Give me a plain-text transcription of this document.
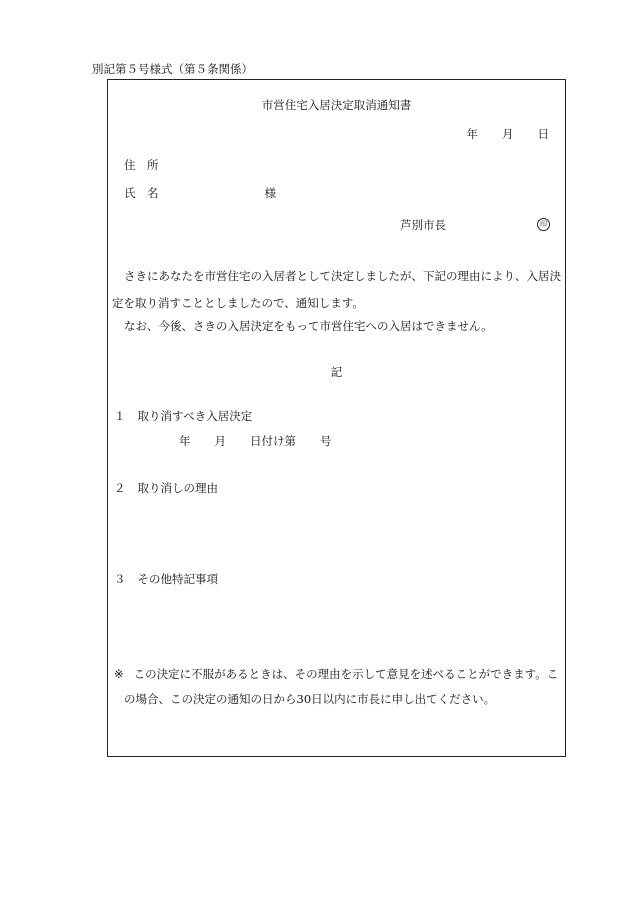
別記第５号様式（第５条関係）
市営住宅入居決定取消通知書
年 月 日
住　所
氏　名	様
芦別市長	印
さきにあなたを市営住宅の入居者として決定しましたが、下記の理由により、入居決
定を取り消すこととしましたので、通知します。
なお、今後、さきの入居決定をもって市営住宅への入居はできません。
記
１ 取り消すべき入居決定
年 月 日付け第 号
２ 取り消しの理由
３ その他特記事項
※ この決定に不服があるときは、その理由を示して意見を述べることができます。こ
の場合、この決定の通知の日から30日以内に市長に申し出てください。
